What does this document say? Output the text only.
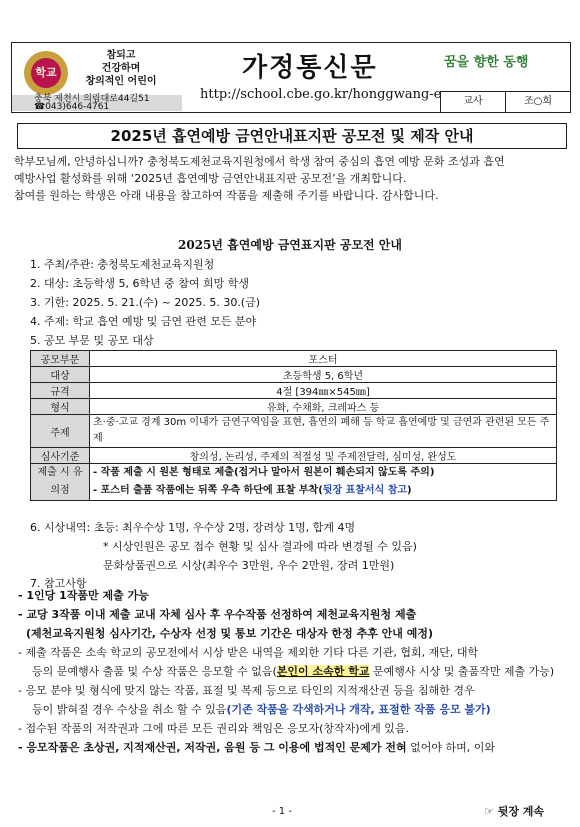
학교
참되고
건강하며
창의적인 어린이
충북 제천시 의림대로44길51
☎043)646-4761
가정통신문
http://school.cbe.go.kr/honggwang-e
꿈을 향한 동행
교사	조○희
2025년 흡연예방 금연안내표지판 공모전 및 제작 안내
학부모님께, 안녕하십니까? 충청북도제천교육지원청에서 학생 참여 중심의 흡연 예방 문화 조성과 흡연
예방사업 활성화를 위해 ‘2025년 흡연예방 금연안내표지판 공모전’을 개최합니다.
참여를 원하는 학생은 아래 내용을 참고하여 작품을 제출해 주기를 바랍니다. 감사합니다.
2025년 흡연예방 금연표지판 공모전 안내
1. 주최/주관: 충청북도제천교육지원청
2. 대상: 초등학생 5, 6학년 중 참여 희망 학생
3. 기한: 2025. 5. 21.(수) ~ 2025. 5. 30.(금)
4. 주제: 학교 흡연 예방 및 금연 관련 모든 분야
5. 공모 부문 및 공모 대상
공모부문	포스터
대상	초등학생 5, 6학년
규격	4절 [394㎜×545㎜]
형식	유화, 수채화, 크레파스 등
주제	초·중·고교 경계 30m 이내가 금연구역임을 표현, 흡연의 폐해 등 학교 흡연예방 및 금연과 관련된 모든 주제
심사기준	창의성, 논리성, 주제의 적절성 및 주제전달력, 심미성, 완성도
제출 시 유의점	- 작품 제출 시 원본 형태로 제출(접거나 말아서 원본이 훼손되지 않도록 주의)
- 포스터 출품 작품에는 뒤쪽 우측 하단에 표찰 부착(뒷장 표찰서식 참고)
6. 시상내역: 초등: 최우수상 1명, 우수상 2명, 장려상 1명, 합계 4명
* 시상인원은 공모 접수 현황 및 심사 결과에 따라 변경될 수 있음)
문화상품권으로 시상(최우수 3만원, 우수 2만원, 장려 1만원)
7. 참고사항
- 1인당 1작품만 제출 가능
- 교당 3작품 이내 제출 교내 자체 심사 후 우수작품 선정하여 제천교육지원청 제출
(제천교육지원청 심사기간, 수상자 선정 및 통보 기간은 대상자 한정 추후 안내 예정)
- 제출 작품은 소속 학교의 공모전에서 시상 받은 내역을 제외한 기타 다른 기관, 협회, 재단, 대학
등의 문예행사 출품 및 수상 작품은 응모할 수 없음(본인이 소속한 학교 문예행사 시상 및 출품작만 제출 가능)
- 응모 분야 및 형식에 맞지 않는 작품, 표절 및 복제 등으로 타인의 지적재산권 등을 침해한 경우
등이 밝혀질 경우 수상을 취소 할 수 있음(기존 작품을 각색하거나 개작, 표절한 작품 응모 불가)
- 접수된 작품의 저작권과 그에 따른 모든 권리와 책임은 응모자(창작자)에게 있음.
- 응모작품은 초상권, 지적재산권, 저작권, 음원 등 그 이용에 법적인 문제가 전혀 없어야 하며, 이와
- 1 -	☞ 뒷장 계속
